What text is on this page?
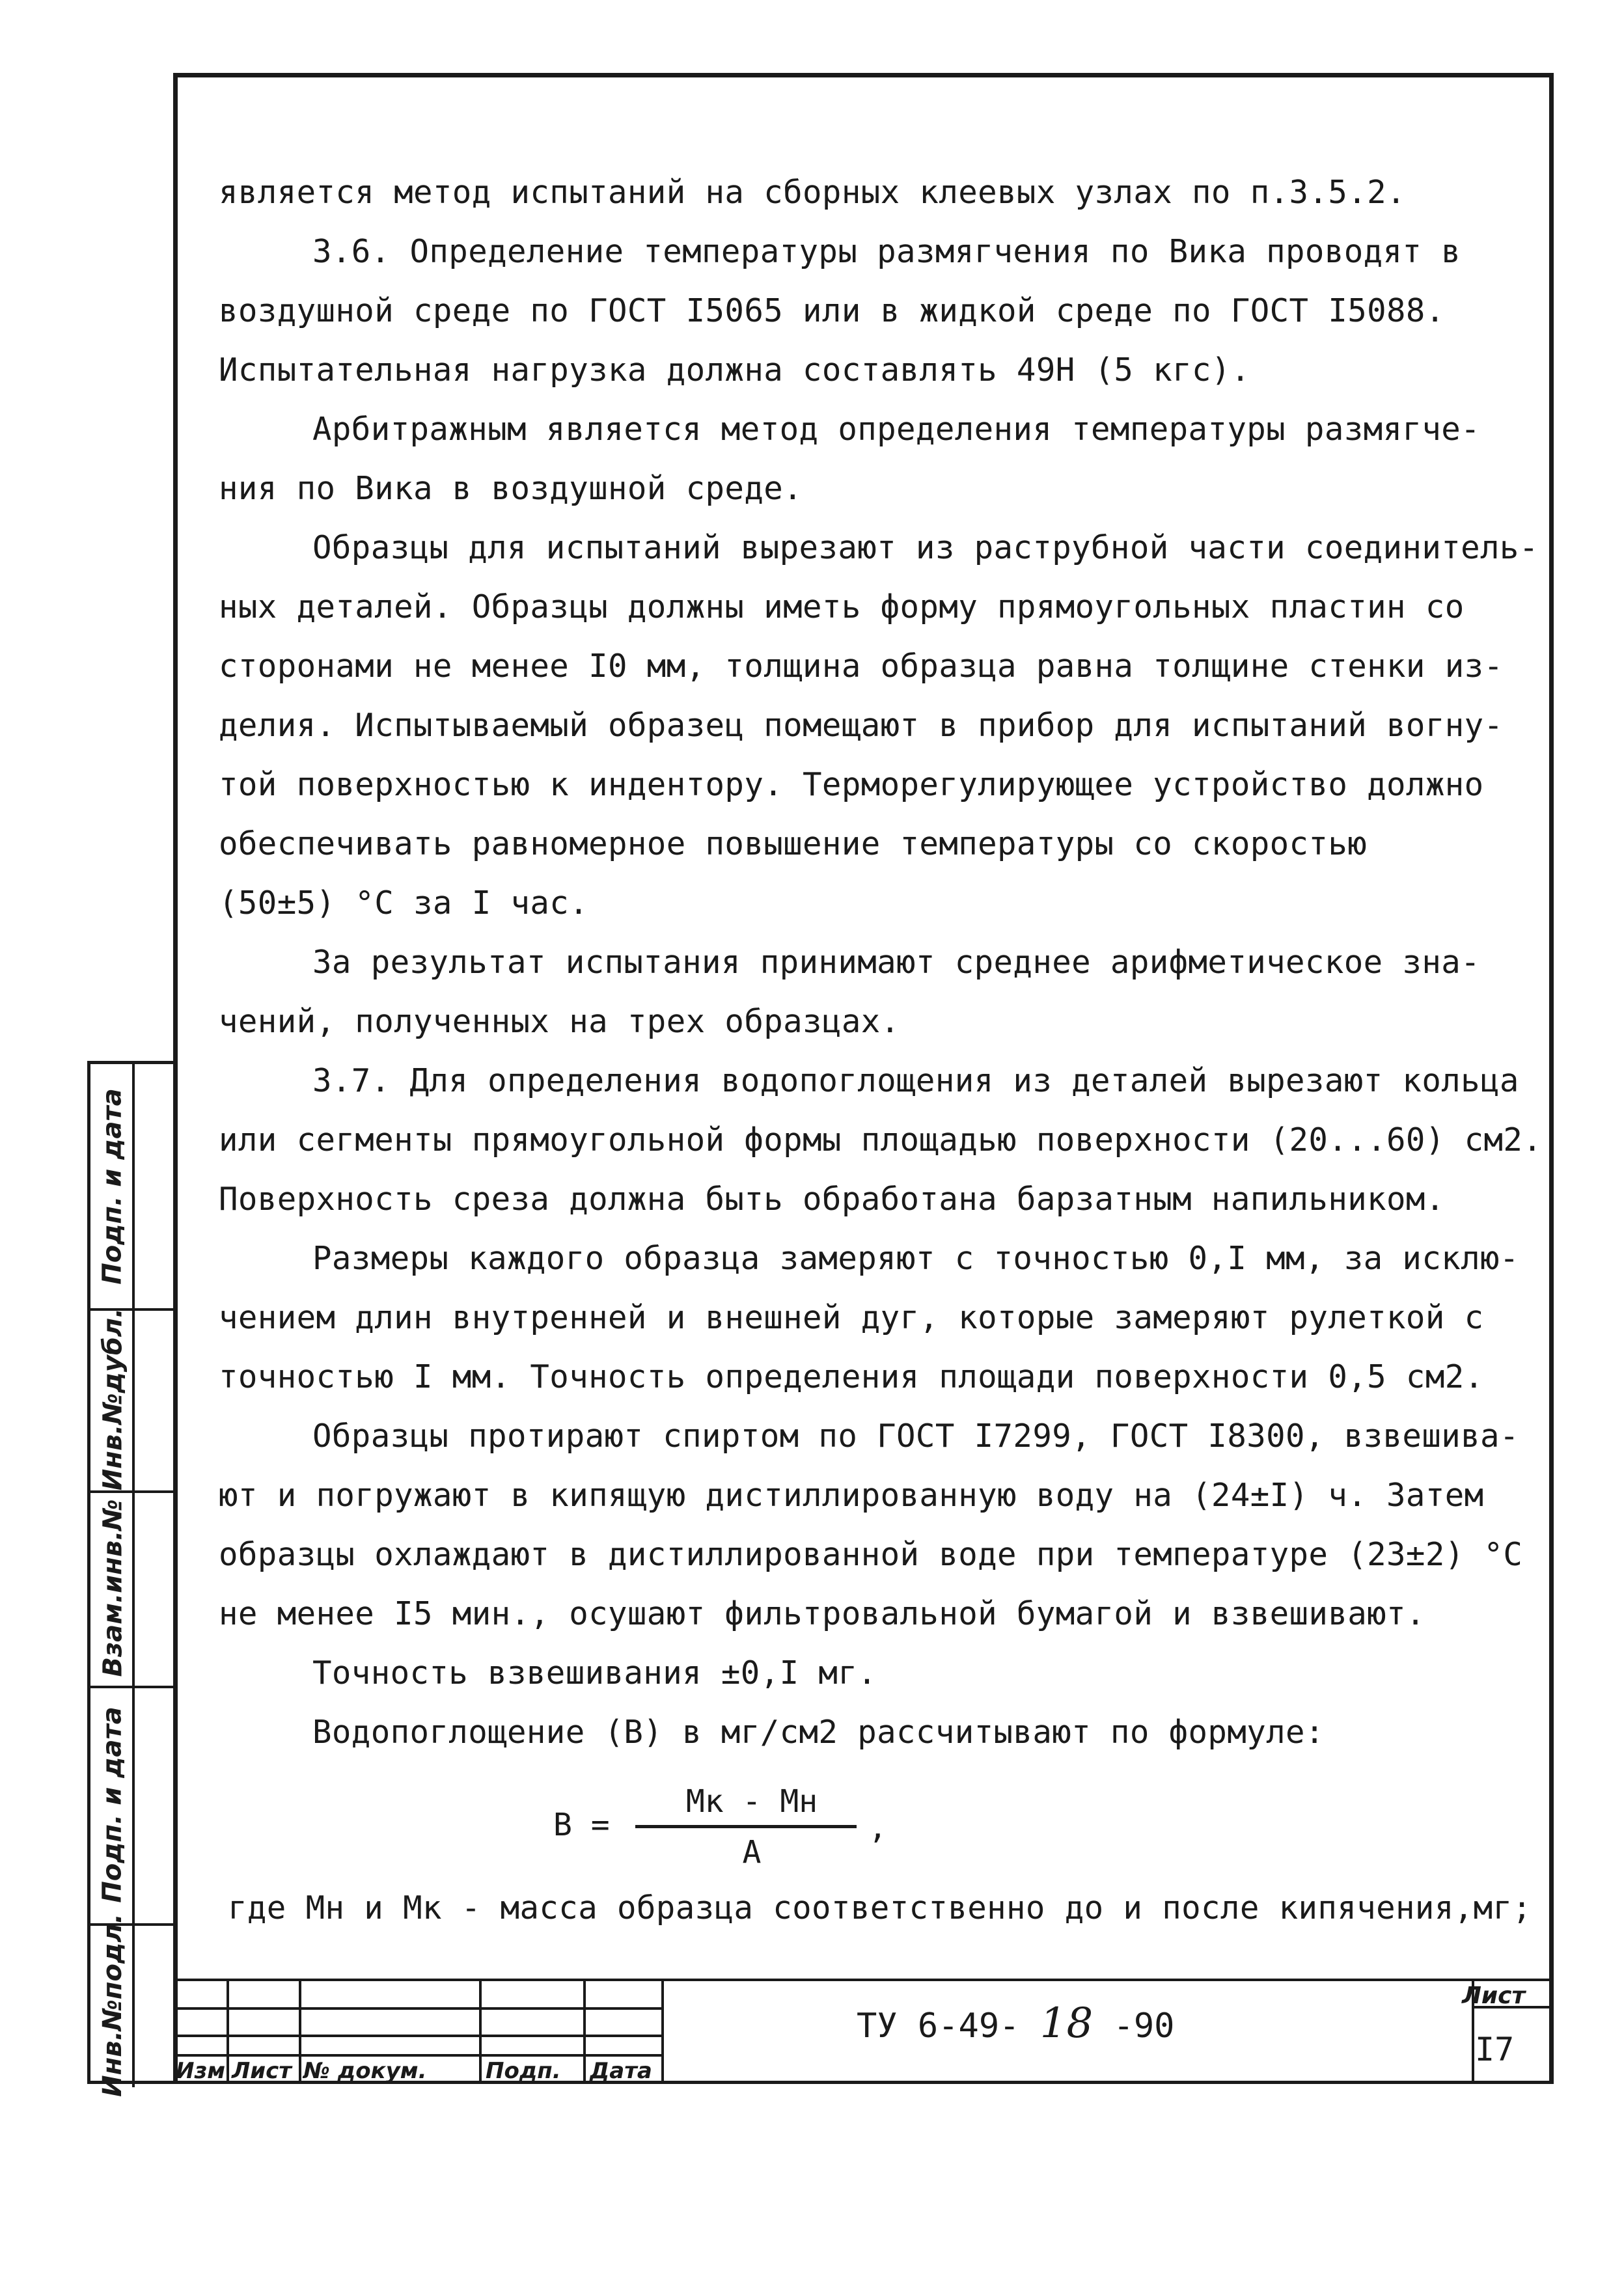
является метод испытаний на сборных клеевых узлах по п.3.5.2.
3.6. Определение температуры размягчения по Вика проводят в
воздушной среде по ГОСТ I5065 или в жидкой среде по ГОСТ I5088.
Испытательная нагрузка должна составлять 49Н (5 кгс).
Арбитражным является метод определения температуры размягче-
ния по Вика в воздушной среде.
Образцы для испытаний вырезают из раструбной части соединитель-
ных деталей. Образцы должны иметь форму прямоугольных пластин со
сторонами не менее I0 мм, толщина образца равна толщине стенки из-
делия. Испытываемый образец помещают в прибор для испытаний вогну-
той поверхностью к индентору. Терморегулирующее устройство должно
обеспечивать равномерное повышение температуры со скоростью
(50±5) °С за I час.
За результат испытания принимают среднее арифметическое зна-
чений, полученных на трех образцах.
3.7. Для определения водопоглощения из деталей вырезают кольца
или сегменты прямоугольной формы площадью поверхности (20...60) см2.
Поверхность среза должна быть обработана барзатным напильником.
Размеры каждого образца замеряют с точностью 0,I мм, за исклю-
чением длин внутренней и внешней дуг, которые замеряют рулеткой с
точностью I мм. Точность определения площади поверхности 0,5 см2.
Образцы протирают спиртом по ГОСТ I7299, ГОСТ I8300, взвешива-
ют и погружают в кипящую дистиллированную воду на (24±I) ч. Затем
образцы охлаждают в дистиллированной воде при температуре (23±2) °С
не менее I5 мин., осушают фильтровальной бумагой и взвешивают.
Точность взвешивания ±0,I мг.
Водопоглощение (В) в мг/см2 рассчитывают по формуле:
В =
Мк - Мн
А
,
где Мн и Мк - масса образца соответственно до и после кипячения,мг;
Подп. и дата
Инв.№дубл.
Взам.инв.№
Подп. и дата
Инв.№подл. Изм Лист № докум.	Подп. Дата
ТУ 6-49- 18 -90
Лист
I7
